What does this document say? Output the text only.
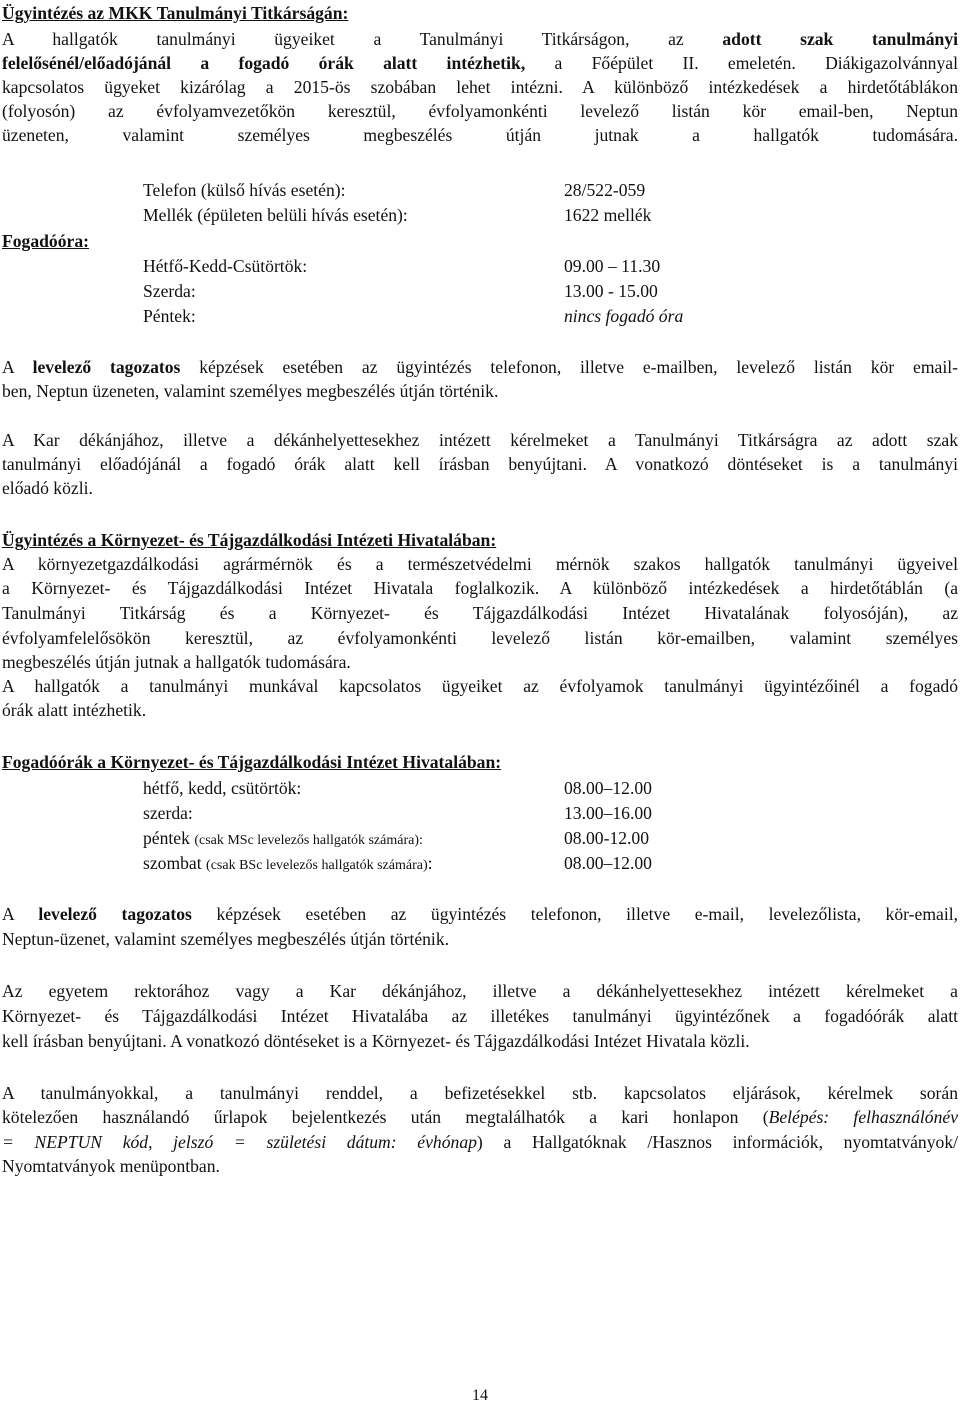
Ügyintézés az MKK Tanulmányi Titkárságán:
A hallgatók tanulmányi ügyeiket a Tanulmányi Titkárságon, az adott szak tanulmányi
felelősénél/előadójánál a fogadó órák alatt intézhetik, a Főépület II. emeletén. Diákigazolvánnyal
kapcsolatos ügyeket kizárólag a 2015-ös szobában lehet intézni. A különböző intézkedések a hirdetőtáblákon
(folyosón) az évfolyamvezetőkön keresztül, évfolyamonkénti levelező listán kör email-ben, Neptun
üzeneten, valamint személyes megbeszélés útján jutnak a hallgatók tudomására.
Telefon (külső hívás esetén):	28/522-059
Mellék (épületen belüli hívás esetén):	1622 mellék
Fogadóóra:
Hétfő-Kedd-Csütörtök:	09.00 – 11.30
Szerda:	13.00 - 15.00
Péntek:	nincs fogadó óra
A levelező tagozatos képzések esetében az ügyintézés telefonon, illetve e-mailben, levelező listán kör email-
ben, Neptun üzeneten, valamint személyes megbeszélés útján történik.
A Kar dékánjához, illetve a dékánhelyettesekhez intézett kérelmeket a Tanulmányi Titkárságra az adott szak
tanulmányi előadójánál a fogadó órák alatt kell írásban benyújtani. A vonatkozó döntéseket is a tanulmányi
előadó közli.
Ügyintézés a Környezet- és Tájgazdálkodási Intézeti Hivatalában:
A környezetgazdálkodási agrármérnök és a természetvédelmi mérnök szakos hallgatók tanulmányi ügyeivel
a Környezet- és Tájgazdálkodási Intézet Hivatala foglalkozik. A különböző intézkedések a hirdetőtáblán (a
Tanulmányi Titkárság és a Környezet- és Tájgazdálkodási Intézet Hivatalának folyosóján), az
évfolyamfelelősökön keresztül, az évfolyamonkénti levelező listán kör-emailben, valamint személyes
megbeszélés útján jutnak a hallgatók tudomására.
A hallgatók a tanulmányi munkával kapcsolatos ügyeiket az évfolyamok tanulmányi ügyintézőinél a fogadó
órák alatt intézhetik.
Fogadóórák a Környezet- és Tájgazdálkodási Intézet Hivatalában:
hétfő, kedd, csütörtök:	08.00–12.00
szerda:	13.00–16.00
péntek (csak MSc levelezős hallgatók számára):	08.00-12.00
szombat (csak BSc levelezős hallgatók számára):	08.00–12.00
A levelező tagozatos képzések esetében az ügyintézés telefonon, illetve e-mail, levelezőlista, kör-email,
Neptun-üzenet, valamint személyes megbeszélés útján történik.
Az egyetem rektorához vagy a Kar dékánjához, illetve a dékánhelyettesekhez intézett kérelmeket a
Környezet- és Tájgazdálkodási Intézet Hivatalába az illetékes tanulmányi ügyintézőnek a fogadóórák alatt
kell írásban benyújtani. A vonatkozó döntéseket is a Környezet- és Tájgazdálkodási Intézet Hivatala közli.
A tanulmányokkal, a tanulmányi renddel, a befizetésekkel stb. kapcsolatos eljárások, kérelmek során
kötelezően használandó űrlapok bejelentkezés után megtalálhatók a kari honlapon (Belépés: felhasználónév
= NEPTUN kód, jelszó = születési dátum: évhónap) a Hallgatóknak /Hasznos információk, nyomtatványok/
Nyomtatványok menüpontban.
14
